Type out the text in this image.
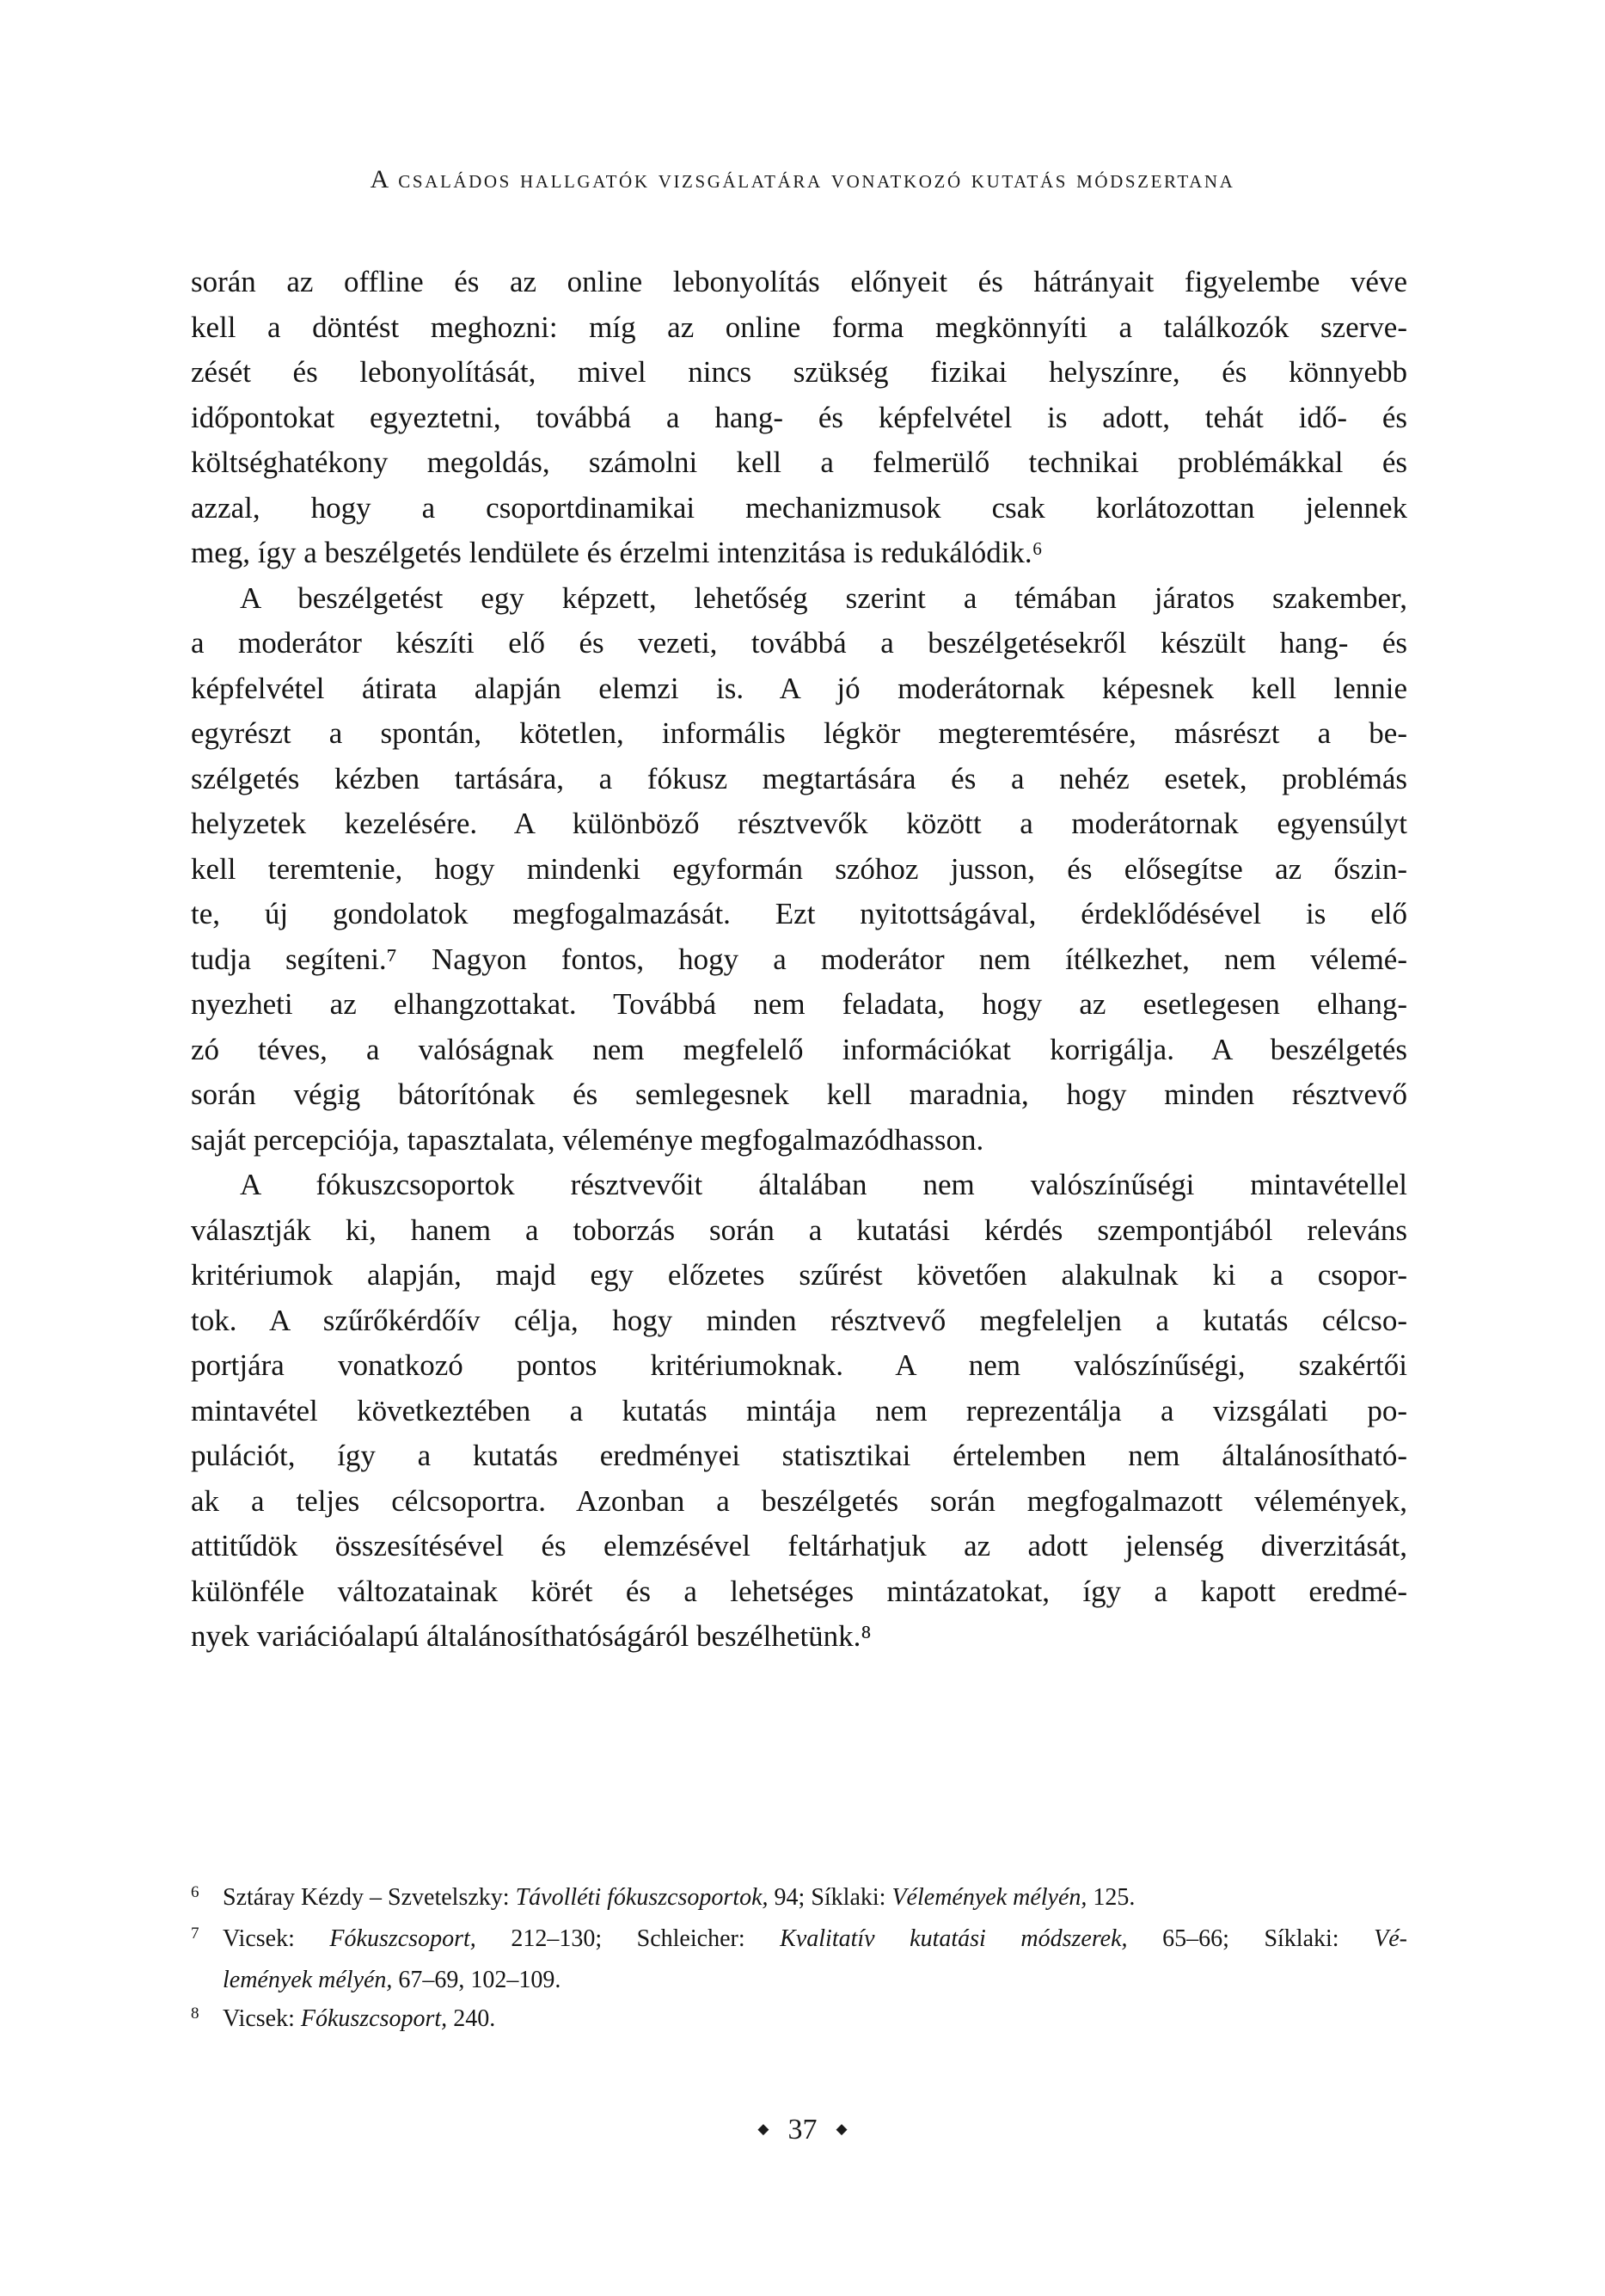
A családos hallgatók vizsgálatára vonatkozó kutatás módszertana
során az offline és az online lebonyolítás előnyeit és hátrányait figyelembe véve
kell a döntést meghozni: míg az online forma megkönnyíti a találkozók szerve-
zését és lebonyolítását, mivel nincs szükség fizikai helyszínre, és könnyebb
időpontokat egyeztetni, továbbá a hang- és képfelvétel is adott, tehát idő- és
költséghatékony megoldás, számolni kell a felmerülő technikai problémákkal és
azzal, hogy a csoportdinamikai mechanizmusok csak korlátozottan jelennek
meg, így a beszélgetés lendülete és érzelmi intenzitása is redukálódik.⁶
A beszélgetést egy képzett, lehetőség szerint a témában járatos szakember,
a moderátor készíti elő és vezeti, továbbá a beszélgetésekről készült hang- és
képfelvétel átirata alapján elemzi is. A jó moderátornak képesnek kell lennie
egyrészt a spontán, kötetlen, informális légkör megteremtésére, másrészt a be-
szélgetés kézben tartására, a fókusz megtartására és a nehéz esetek, problémás
helyzetek kezelésére. A különböző résztvevők között a moderátornak egyensúlyt
kell teremtenie, hogy mindenki egyformán szóhoz jusson, és elősegítse az őszin-
te, új gondolatok megfogalmazását. Ezt nyitottságával, érdeklődésével is elő
tudja segíteni.⁷ Nagyon fontos, hogy a moderátor nem ítélkezhet, nem vélemé-
nyezheti az elhangzottakat. Továbbá nem feladata, hogy az esetlegesen elhang-
zó téves, a valóságnak nem megfelelő információkat korrigálja. A beszélgetés
során végig bátorítónak és semlegesnek kell maradnia, hogy minden résztvevő
saját percepciója, tapasztalata, véleménye megfogalmazódhasson.
A fókuszcsoportok résztvevőit általában nem valószínűségi mintavétellel
választják ki, hanem a toborzás során a kutatási kérdés szempontjából releváns
kritériumok alapján, majd egy előzetes szűrést követően alakulnak ki a csopor-
tok. A szűrőkérdőív célja, hogy minden résztvevő megfeleljen a kutatás célcso-
portjára vonatkozó pontos kritériumoknak. A nem valószínűségi, szakértői
mintavétel következtében a kutatás mintája nem reprezentálja a vizsgálati po-
pulációt, így a kutatás eredményei statisztikai értelemben nem általánosítható-
ak a teljes célcsoportra. Azonban a beszélgetés során megfogalmazott vélemények,
attitűdök összesítésével és elemzésével feltárhatjuk az adott jelenség diverzitását,
különféle változatainak körét és a lehetséges mintázatokat, így a kapott eredmé-
nyek variációalapú általánosíthatóságáról beszélhetünk.⁸
$^6$ Sztáray Kézdy – Szvetelszky: Távolléti fókuszcsoportok, 94; Síklaki: Vélemények mélyén, 125.
$^7$ Vicsek: Fókuszcsoport, 212–130; Schleicher: Kvalitatív kutatási módszerek, 65–66; Síklaki: Vé-
lemények mélyén, 67–69, 102–109.
$^8$ Vicsek: Fókuszcsoport, 240.
◆ 37 ◆
